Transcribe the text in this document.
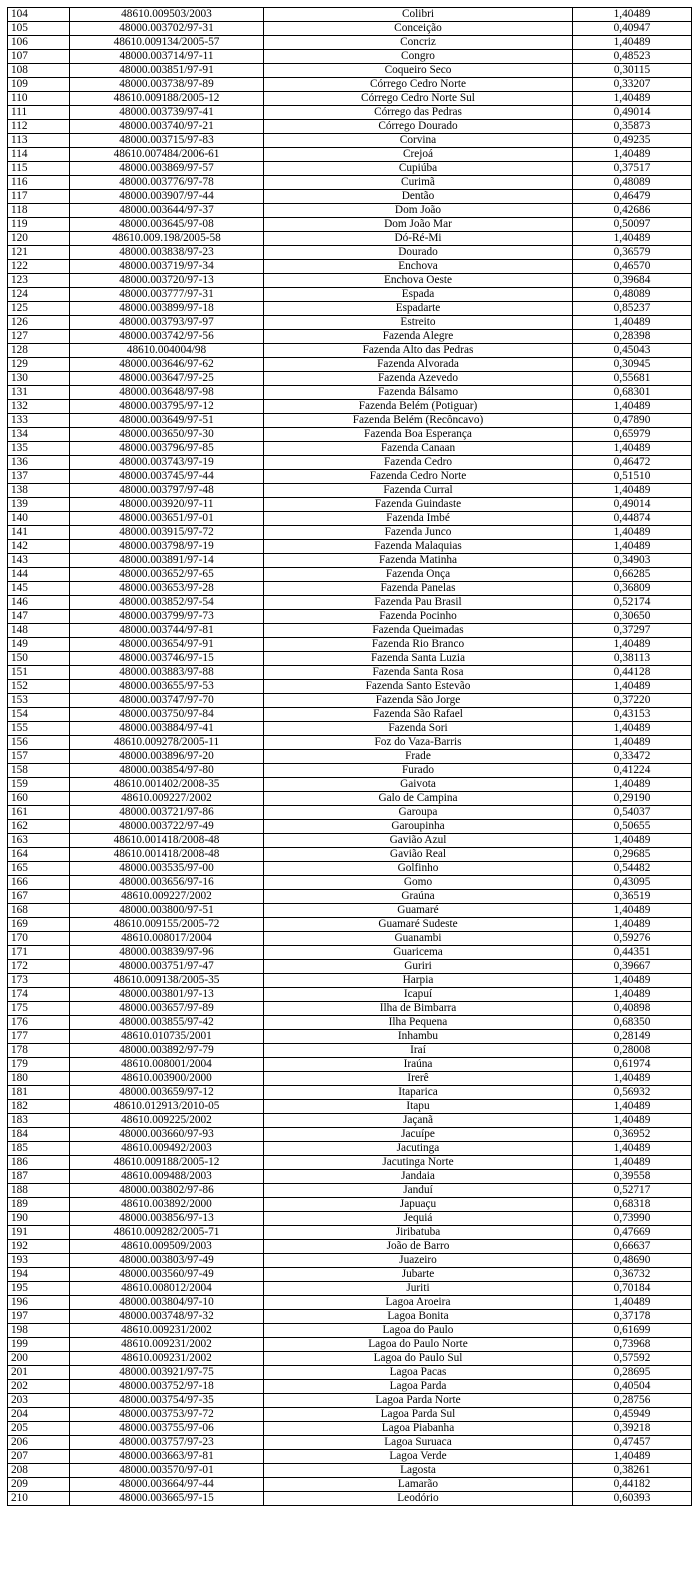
104	48610.009503/2003	Colibri	1,40489
105	48000.003702/97-31	Conceição	0,40947
106	48610.009134/2005-57	Concriz	1,40489
107	48000.003714/97-11	Congro	0,48523
108	48000.003851/97-91	Coqueiro Seco	0,30115
109	48000.003738/97-89	Córrego Cedro Norte	0,33207
110	48610.009188/2005-12	Córrego Cedro Norte Sul	1,40489
111	48000.003739/97-41	Córrego das Pedras	0,49014
112	48000.003740/97-21	Córrego Dourado	0,35873
113	48000.003715/97-83	Corvina	0,49235
114	48610.007484/2006-61	Crejoá	1,40489
115	48000.003869/97-57	Cupiúba	0,37517
116	48000.003776/97-78	Curimã	0,48089
117	48000.003907/97-44	Dentão	0,46479
118	48000.003644/97-37	Dom João	0,42686
119	48000.003645/97-08	Dom João Mar	0,50097
120	48610.009.198/2005-58	Dó-Ré-Mi	1,40489
121	48000.003838/97-23	Dourado	0,36579
122	48000.003719/97-34	Enchova	0,46570
123	48000.003720/97-13	Enchova Oeste	0,39684
124	48000.003777/97-31	Espada	0,48089
125	48000.003899/97-18	Espadarte	0,85237
126	48000.003793/97-97	Estreito	1,40489
127	48000.003742/97-56	Fazenda Alegre	0,28398
128	48610.004004/98	Fazenda Alto das Pedras	0,45043
129	48000.003646/97-62	Fazenda Alvorada	0,30945
130	48000.003647/97-25	Fazenda Azevedo	0,55681
131	48000.003648/97-98	Fazenda Bálsamo	0,68301
132	48000.003795/97-12	Fazenda Belém (Potiguar)	1,40489
133	48000.003649/97-51	Fazenda Belém (Recôncavo)	0,47890
134	48000.003650/97-30	Fazenda Boa Esperança	0,65979
135	48000.003796/97-85	Fazenda Canaan	1,40489
136	48000.003743/97-19	Fazenda Cedro	0,46472
137	48000.003745/97-44	Fazenda Cedro Norte	0,51510
138	48000.003797/97-48	Fazenda Curral	1,40489
139	48000.003920/97-11	Fazenda Guindaste	0,49014
140	48000.003651/97-01	Fazenda Imbé	0,44874
141	48000.003915/97-72	Fazenda Junco	1,40489
142	48000.003798/97-19	Fazenda Malaquias	1,40489
143	48000.003891/97-14	Fazenda Matinha	0,34903
144	48000.003652/97-65	Fazenda Onça	0,66285
145	48000.003653/97-28	Fazenda Panelas	0,36809
146	48000.003852/97-54	Fazenda Pau Brasil	0,52174
147	48000.003799/97-73	Fazenda Pocinho	0,30650
148	48000.003744/97-81	Fazenda Queimadas	0,37297
149	48000.003654/97-91	Fazenda Rio Branco	1,40489
150	48000.003746/97-15	Fazenda Santa Luzia	0,38113
151	48000.003883/97-88	Fazenda Santa Rosa	0,44128
152	48000.003655/97-53	Fazenda Santo Estevão	1,40489
153	48000.003747/97-70	Fazenda São Jorge	0,37220
154	48000.003750/97-84	Fazenda São Rafael	0,43153
155	48000.003884/97-41	Fazenda Sori	1,40489
156	48610.009278/2005-11	Foz do Vaza-Barris	1,40489
157	48000.003896/97-20	Frade	0,33472
158	48000.003854/97-80	Furado	0,41224
159	48610.001402/2008-35	Gaivota	1,40489
160	48610.009227/2002	Galo de Campina	0,29190
161	48000.003721/97-86	Garoupa	0,54037
162	48000.003722/97-49	Garoupinha	0,50655
163	48610.001418/2008-48	Gavião Azul	1,40489
164	48610.001418/2008-48	Gavião Real	0,29685
165	48000.003535/97-00	Golfinho	0,54482
166	48000.003656/97-16	Gomo	0,43095
167	48610.009227/2002	Graúna	0,36519
168	48000.003800/97-51	Guamaré	1,40489
169	48610.009155/2005-72	Guamaré Sudeste	1,40489
170	48610.008017/2004	Guanambi	0,59276
171	48000.003839/97-96	Guaricema	0,44351
172	48000.003751/97-47	Guriri	0,39667
173	48610.009138/2005-35	Harpia	1,40489
174	48000.003801/97-13	Icapuí	1,40489
175	48000.003657/97-89	Ilha de Bimbarra	0,40898
176	48000.003855/97-42	Ilha Pequena	0,68350
177	48610.010735/2001	Inhambu	0,28149
178	48000.003892/97-79	Iraí	0,28008
179	48610.008001/2004	Iraúna	0,61974
180	48610.003900/2000	Irerê	1,40489
181	48000.003659/97-12	Itaparica	0,56932
182	48610.012913/2010-05	Itapu	1,40489
183	48610.009225/2002	Jaçanã	1,40489
184	48000.003660/97-93	Jacuípe	0,36952
185	48610.009492/2003	Jacutinga	1,40489
186	48610.009188/2005-12	Jacutinga Norte	1,40489
187	48610.009488/2003	Jandaia	0,39558
188	48000.003802/97-86	Janduí	0,52717
189	48610.003892/2000	Japuaçu	0,68318
190	48000.003856/97-13	Jequiá	0,73990
191	48610.009282/2005-71	Jiribatuba	0,47669
192	48610.009509/2003	João de Barro	0,66637
193	48000.003803/97-49	Juazeiro	0,48690
194	48000.003560/97-49	Jubarte	0,36732
195	48610.008012/2004	Juriti	0,70184
196	48000.003804/97-10	Lagoa Aroeira	1,40489
197	48000.003748/97-32	Lagoa Bonita	0,37178
198	48610.009231/2002	Lagoa do Paulo	0,61699
199	48610.009231/2002	Lagoa do Paulo Norte	0,73968
200	48610.009231/2002	Lagoa do Paulo Sul	0,57592
201	48000.003921/97-75	Lagoa Pacas	0,28695
202	48000.003752/97-18	Lagoa Parda	0,40504
203	48000.003754/97-35	Lagoa Parda Norte	0,28756
204	48000.003753/97-72	Lagoa Parda Sul	0,45949
205	48000.003755/97-06	Lagoa Piabanha	0,39218
206	48000.003757/97-23	Lagoa Suruaca	0,47457
207	48000.003663/97-81	Lagoa Verde	1,40489
208	48000.003570/97-01	Lagosta	0,38261
209	48000.003664/97-44	Lamarão	0,44182
210	48000.003665/97-15	Leodório	0,60393
